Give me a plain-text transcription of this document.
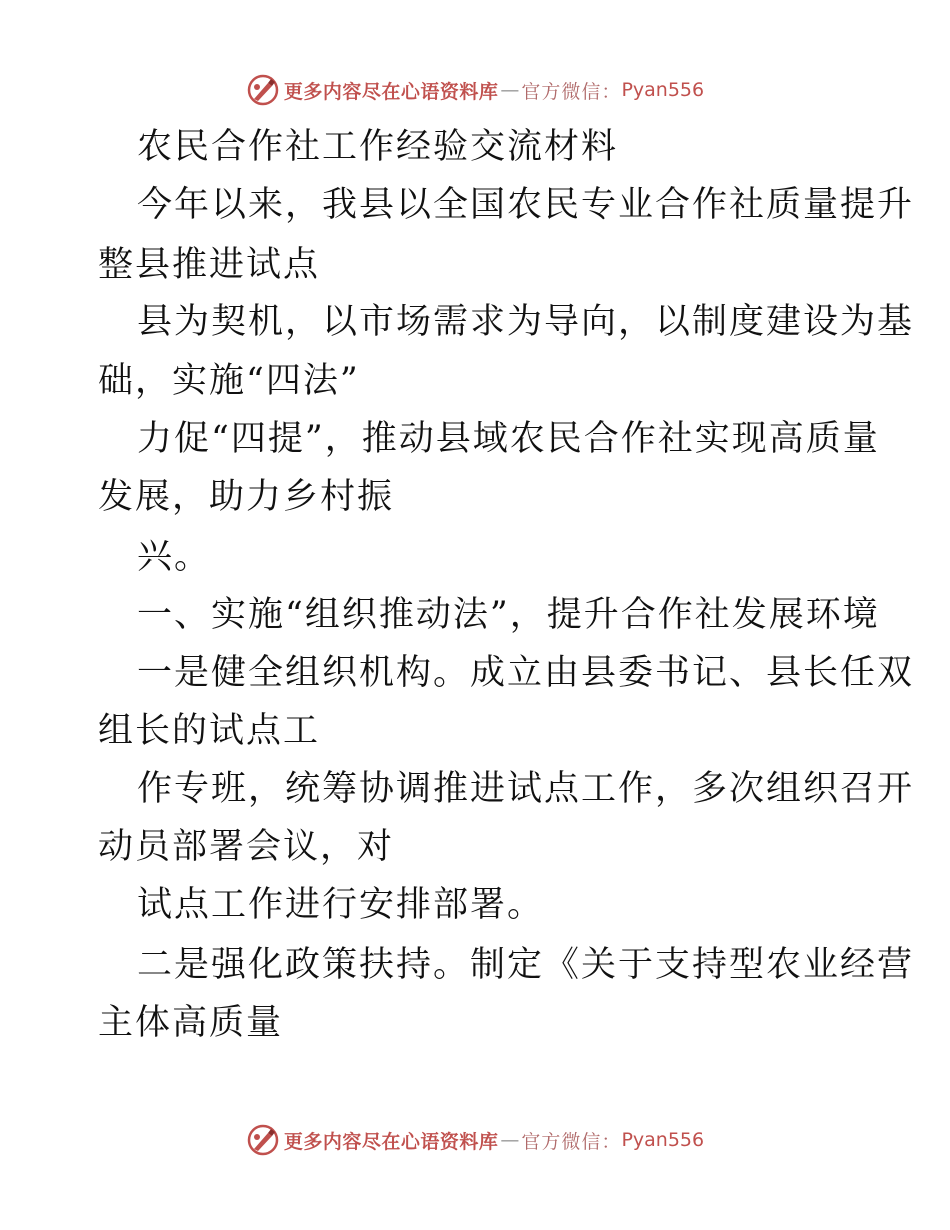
更多内容尽在心语资料库 — 官方微信： Pyan556
农民合作社工作经验交流材料
今年以来，我县以全国农民专业合作社质量提升
整县推进试点
县为契机，以市场需求为导向，以制度建设为基
础，实施“四法”
力促“四提”，推动县域农民合作社实现高质量
发展，助力乡村振
兴。
一、实施“组织推动法”，提升合作社发展环境
一是健全组织机构。成立由县委书记、县长任双
组长的试点工
作专班，统筹协调推进试点工作，多次组织召开
动员部署会议，对
试点工作进行安排部署。
二是强化政策扶持。制定《关于支持型农业经营
主体高质量
更多内容尽在心语资料库 — 官方微信： Pyan556
